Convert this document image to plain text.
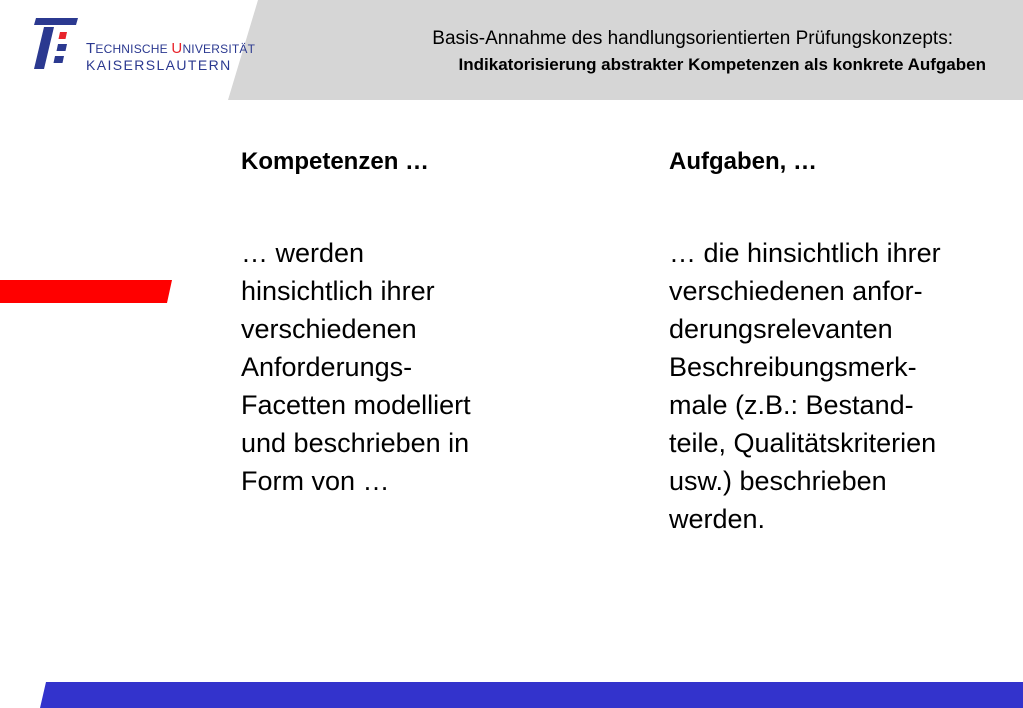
TECHNISCHE UNIVERSITÄT
KAISERSLAUTERN
Basis-Annahme des handlungsorientierten Prüfungskonzepts:
Indikatorisierung abstrakter Kompetenzen als konkrete Aufgaben
Kompetenzen …

… werden
hinsichtlich ihrer
verschiedenen
Anforderungs-
Facetten modelliert
und beschrieben in
Form von …

Aufgaben, …

… die hinsichtlich ihrer
verschiedenen anfor-
derungsrelevanten
Beschreibungsmerk-
male (z.B.: Bestand-
teile, Qualitätskriterien
usw.) beschrieben
werden.
